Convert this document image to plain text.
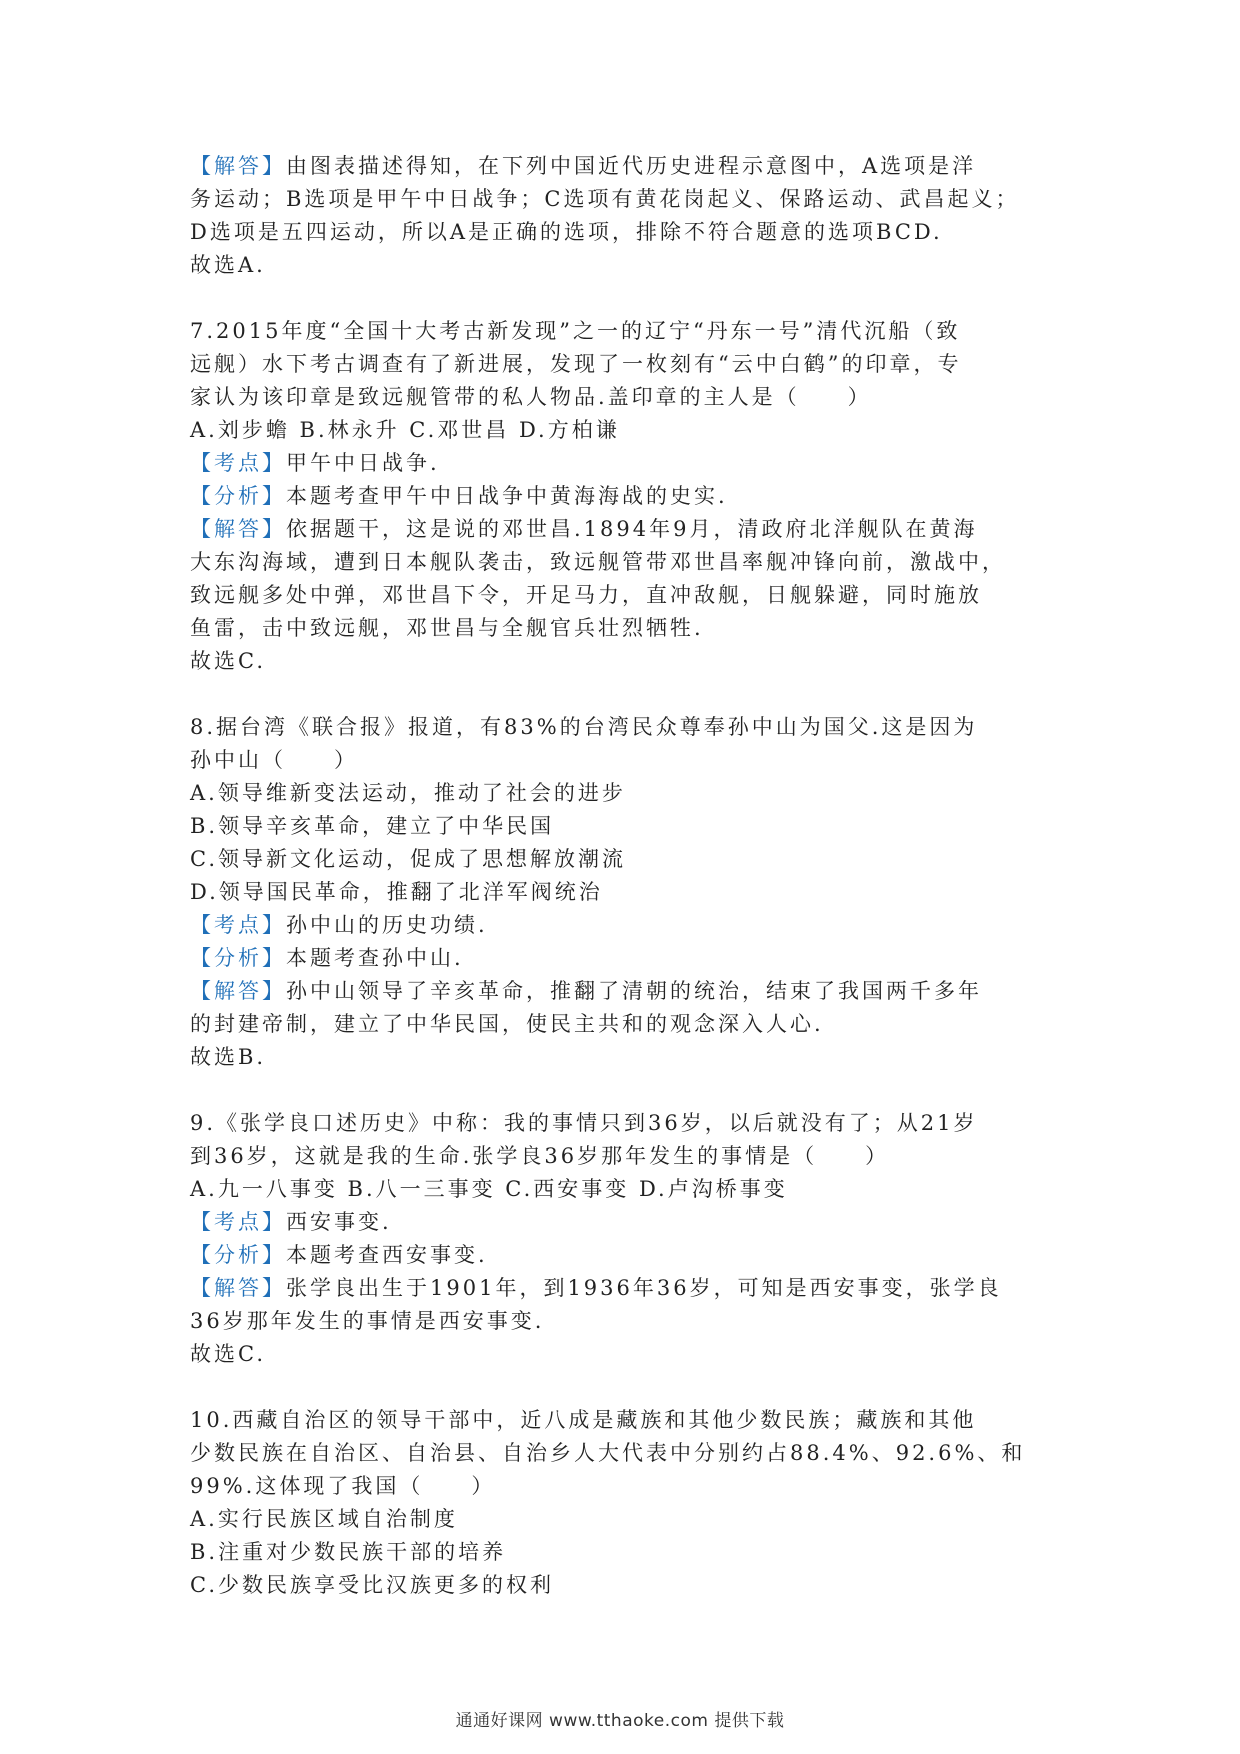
【解答】由图表描述得知，在下列中国近代历史进程示意图中，A选项是洋

务运动；B选项是甲午中日战争；C选项有黄花岗起义、保路运动、武昌起义；

D选项是五四运动，所以A是正确的选项，排除不符合题意的选项BCD.

故选A.

7.2015年度“全国十大考古新发现”之一的辽宁“丹东一号”清代沉船（致

远舰）水下考古调查有了新进展，发现了一枚刻有“云中白鹤”的印章，专

家认为该印章是致远舰管带的私人物品.盖印章的主人是（　　）

A.刘步蟾 B.林永升 C.邓世昌 D.方柏谦

【考点】甲午中日战争.

【分析】本题考查甲午中日战争中黄海海战的史实.

【解答】依据题干，这是说的邓世昌.1894年9月，清政府北洋舰队在黄海

大东沟海域，遭到日本舰队袭击，致远舰管带邓世昌率舰冲锋向前，激战中，

致远舰多处中弹，邓世昌下令，开足马力，直冲敌舰，日舰躲避，同时施放

鱼雷，击中致远舰，邓世昌与全舰官兵壮烈牺牲.

故选C.

8.据台湾《联合报》报道，有83%的台湾民众尊奉孙中山为国父.这是因为

孙中山（　　）

A.领导维新变法运动，推动了社会的进步

B.领导辛亥革命，建立了中华民国

C.领导新文化运动，促成了思想解放潮流

D.领导国民革命，推翻了北洋军阀统治

【考点】孙中山的历史功绩.

【分析】本题考查孙中山.

【解答】孙中山领导了辛亥革命，推翻了清朝的统治，结束了我国两千多年

的封建帝制，建立了中华民国，使民主共和的观念深入人心.

故选B.

9.《张学良口述历史》中称：我的事情只到36岁，以后就没有了；从21岁

到36岁，这就是我的生命.张学良36岁那年发生的事情是（　　）

A.九一八事变 B.八一三事变 C.西安事变 D.卢沟桥事变

【考点】西安事变.

【分析】本题考查西安事变.

【解答】张学良出生于1901年，到1936年36岁，可知是西安事变，张学良

36岁那年发生的事情是西安事变.

故选C.

10.西藏自治区的领导干部中，近八成是藏族和其他少数民族；藏族和其他

少数民族在自治区、自治县、自治乡人大代表中分别约占88.4%、92.6%、和

99%.这体现了我国（　　）

A.实行民族区域自治制度

B.注重对少数民族干部的培养

C.少数民族享受比汉族更多的权利

通通好课网 www.tthaoke.com 提供下载
